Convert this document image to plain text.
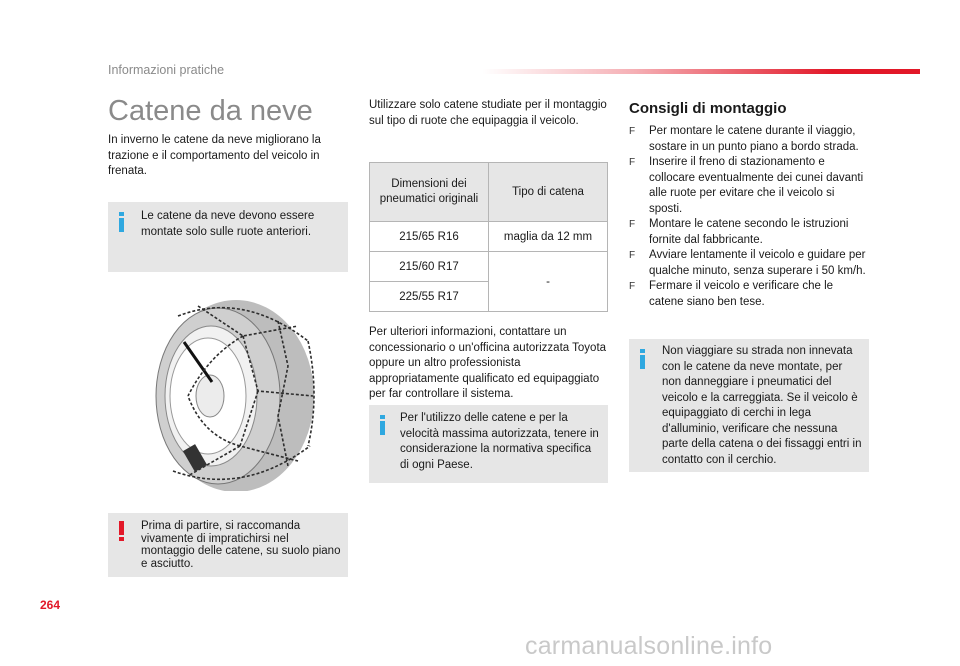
Informazioni pratiche
Catene da neve
In inverno le catene da neve migliorano la trazione e il comportamento del veicolo in frenata.
Le catene da neve devono essere montate solo sulle ruote anteriori.
Prima di partire, si raccomanda vivamente di impratichirsi nel montaggio delle catene, su suolo piano e asciutto.
Utilizzare solo catene studiate per il montaggio sul tipo di ruote che equipaggia il veicolo.
Dimensioni dei pneumatici originali	Tipo di catena
215/65 R16	maglia da 12 mm
215/60 R17	-
225/55 R17	
Per ulteriori informazioni, contattare un concessionario o un'officina autorizzata Toyota oppure un altro professionista appropriatamente qualificato ed equipaggiato per far controllare il sistema.
Per l'utilizzo delle catene e per la velocità massima autorizzata, tenere in considerazione la normativa specifica di ogni Paese.
Consigli di montaggio
F Per montare le catene durante il viaggio, sostare in un punto piano a bordo strada.
F Inserire il freno di stazionamento e collocare eventualmente dei cunei davanti alle ruote per evitare che il veicolo si sposti.
F Montare le catene secondo le istruzioni fornite dal fabbricante.
F Avviare lentamente il veicolo e guidare per qualche minuto, senza superare i 50 km/h.
F Fermare il veicolo e verificare che le catene siano ben tese.
Non viaggiare su strada non innevata con le catene da neve montate, per non danneggiare i pneumatici del veicolo e la carreggiata. Se il veicolo è equipaggiato di cerchi in lega d'alluminio, verificare che nessuna parte della catena o dei fissaggi entri in contatto con il cerchio.
264
carmanualsonline.info
